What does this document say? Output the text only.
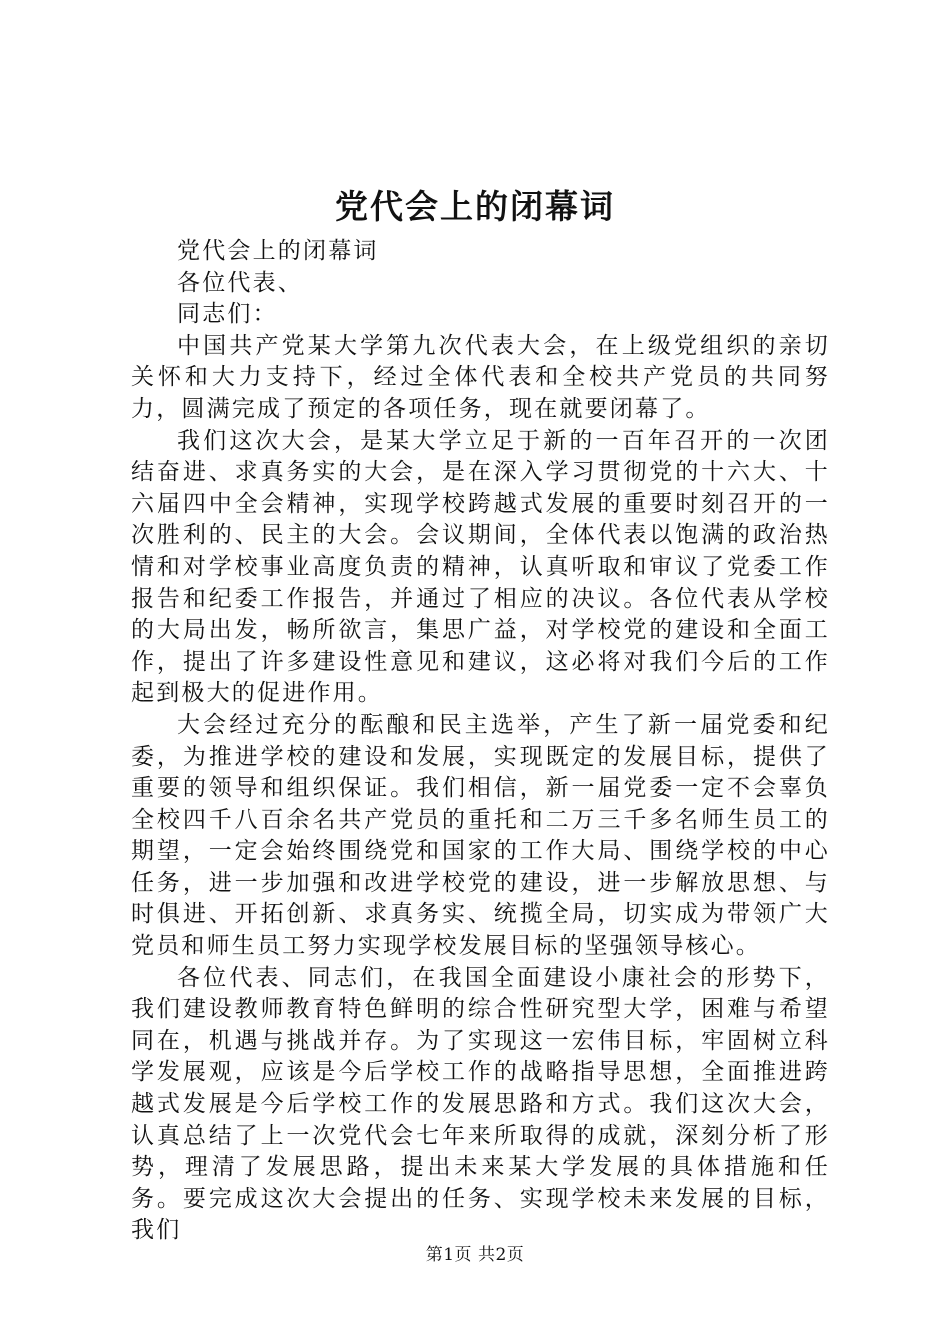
党代会上的闭幕词

党代会上的闭幕词

各位代表、

同志们：

中国共产党某大学第九次代表大会，在上级党组织的亲切关怀和大力支持下，经过全体代表和全校共产党员的共同努力，圆满完成了预定的各项任务，现在就要闭幕了。

我们这次大会，是某大学立足于新的一百年召开的一次团结奋进、求真务实的大会，是在深入学习贯彻党的十六大、十六届四中全会精神，实现学校跨越式发展的重要时刻召开的一次胜利的、民主的大会。会议期间，全体代表以饱满的政治热情和对学校事业高度负责的精神，认真听取和审议了党委工作报告和纪委工作报告，并通过了相应的决议。各位代表从学校的大局出发，畅所欲言，集思广益，对学校党的建设和全面工作，提出了许多建设性意见和建议，这必将对我们今后的工作起到极大的促进作用。

大会经过充分的酝酿和民主选举，产生了新一届党委和纪委，为推进学校的建设和发展，实现既定的发展目标，提供了重要的领导和组织保证。我们相信，新一届党委一定不会辜负全校四千八百余名共产党员的重托和二万三千多名师生员工的期望，一定会始终围绕党和国家的工作大局、围绕学校的中心任务，进一步加强和改进学校党的建设，进一步解放思想、与时俱进、开拓创新、求真务实、统揽全局，切实成为带领广大党员和师生员工努力实现学校发展目标的坚强领导核心。

各位代表、同志们，在我国全面建设小康社会的形势下，我们建设教师教育特色鲜明的综合性研究型大学，困难与希望同在，机遇与挑战并存。为了实现这一宏伟目标，牢固树立科学发展观，应该是今后学校工作的战略指导思想，全面推进跨越式发展是今后学校工作的发展思路和方式。我们这次大会，认真总结了上一次党代会七年来所取得的成就，深刻分析了形势，理清了发展思路，提出未来某大学发展的具体措施和任务。要完成这次大会提出的任务、实现学校未来发展的目标，我们

第1页 共2页
